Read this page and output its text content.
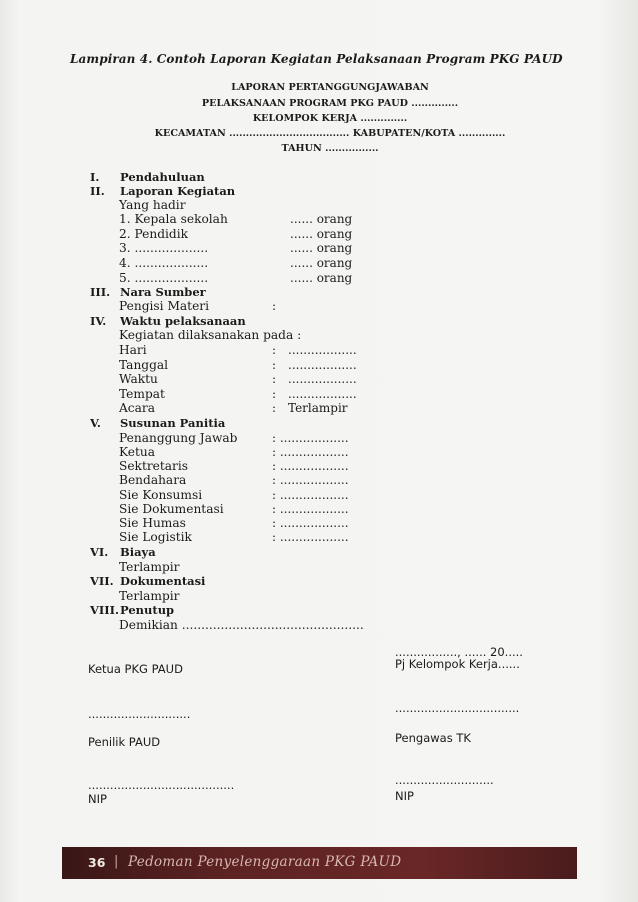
Lampiran 4. Contoh Laporan Kegiatan Pelaksanaan Program PKG PAUD
LAPORAN PERTANGGUNGJAWABAN
PELAKSANAAN PROGRAM PKG PAUD ..............
KELOMPOK KERJA ..............
KECAMATAN .................................... KABUPATEN/KOTA ..............
TAHUN ................
I. Pendahuluan
II. Laporan Kegiatan
Yang hadir
1. Kepala sekolah	...... orang
2. Pendidik	...... orang
3. ...................	...... orang
4. ...................	...... orang
5. ...................	...... orang
III. Nara Sumber
Pengisi Materi	:
IV. Waktu pelaksanaan
Kegiatan dilaksanakan pada :
Hari	: ..................
Tanggal	: ..................
Waktu	: ..................
Tempat	: ..................
Acara	: Terlampir
V. Susunan Panitia
Penanggung Jawab	: ..................
Ketua	: ..................
Sektretaris	: ..................
Bendahara	: ..................
Sie Konsumsi	: ..................
Sie Dokumentasi	: ..................
Sie Humas	: ..................
Sie Logistik	: ..................
VI. Biaya
Terlampir
VII. Dokumentasi
Terlampir
VIII. Penutup
Demikian ...............................................
................., ...... 20.....
Ketua PKG PAUD	Pj Kelompok Kerja......
............................	..................................
Penilik PAUD	Pengawas TK
........................................	...........................
NIP	NIP
36 | Pedoman Penyelenggaraan PKG PAUD
